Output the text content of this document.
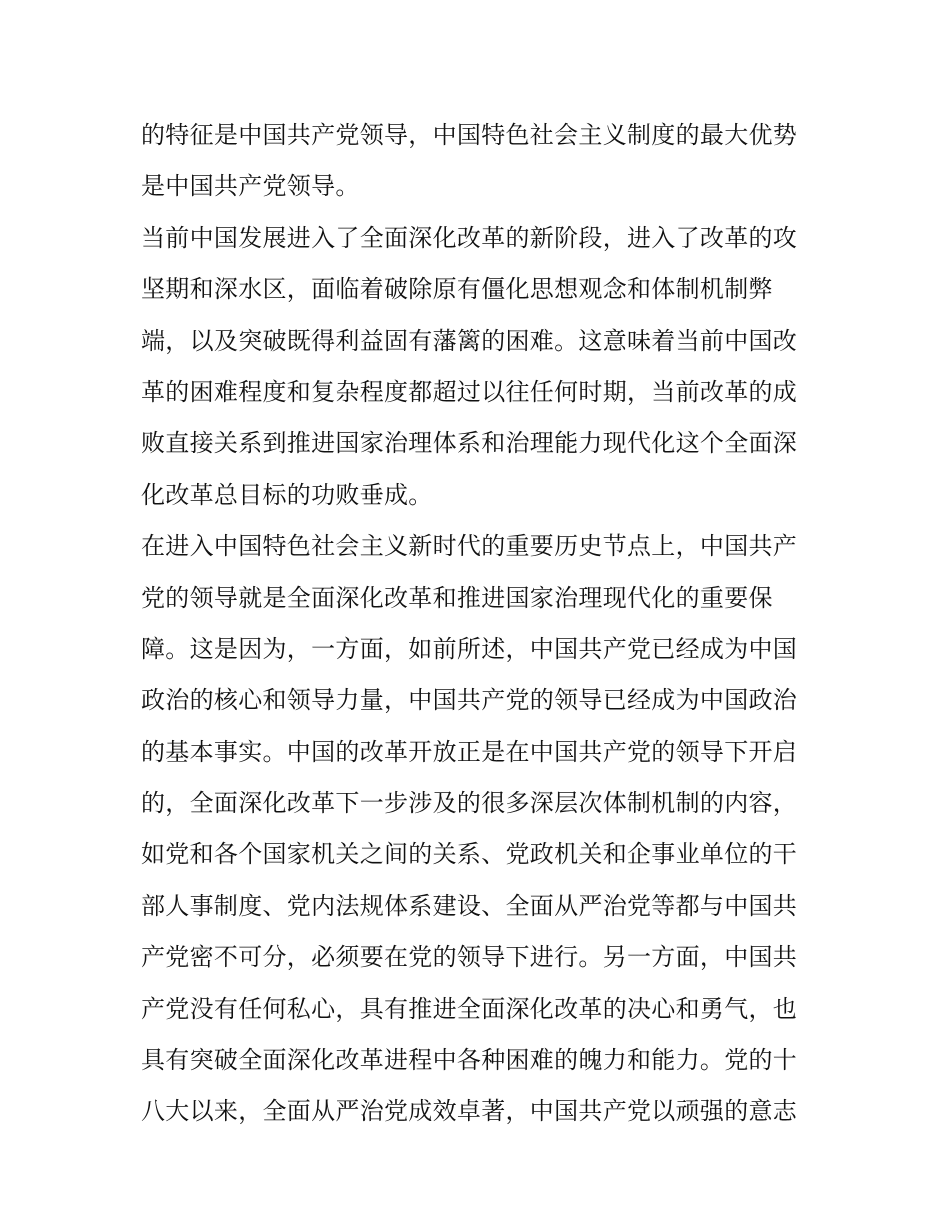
的特征是中国共产党领导，中国特色社会主义制度的最大优势
是中国共产党领导。
当前中国发展进入了全面深化改革的新阶段，进入了改革的攻
坚期和深水区，面临着破除原有僵化思想观念和体制机制弊
端，以及突破既得利益固有藩篱的困难。这意味着当前中国改
革的困难程度和复杂程度都超过以往任何时期，当前改革的成
败直接关系到推进国家治理体系和治理能力现代化这个全面深
化改革总目标的功败垂成。
在进入中国特色社会主义新时代的重要历史节点上，中国共产
党的领导就是全面深化改革和推进国家治理现代化的重要保
障。这是因为，一方面，如前所述，中国共产党已经成为中国
政治的核心和领导力量，中国共产党的领导已经成为中国政治
的基本事实。中国的改革开放正是在中国共产党的领导下开启
的，全面深化改革下一步涉及的很多深层次体制机制的内容，
如党和各个国家机关之间的关系、党政机关和企事业单位的干
部人事制度、党内法规体系建设、全面从严治党等都与中国共
产党密不可分，必须要在党的领导下进行。另一方面，中国共
产党没有任何私心，具有推进全面深化改革的决心和勇气，也
具有突破全面深化改革进程中各种困难的魄力和能力。党的十
八大以来，全面从严治党成效卓著，中国共产党以顽强的意志
